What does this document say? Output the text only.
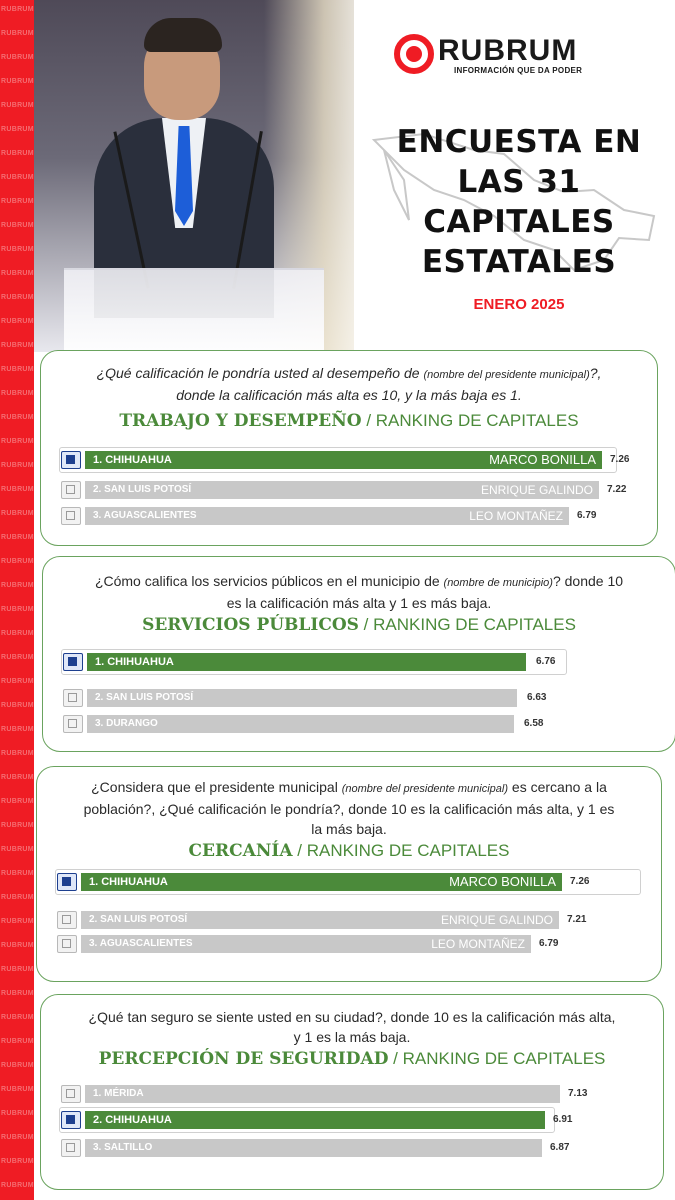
RUBRUM
RUBRUM
RUBRUM
RUBRUM
RUBRUM
RUBRUM
RUBRUM
RUBRUM
RUBRUM
RUBRUM
RUBRUM
RUBRUM
RUBRUM
RUBRUM
RUBRUM
RUBRUM
RUBRUM
RUBRUM
RUBRUM
RUBRUM
RUBRUM
RUBRUM
RUBRUM
RUBRUM
RUBRUM
RUBRUM
RUBRUM
RUBRUM
RUBRUM
RUBRUM
RUBRUM
RUBRUM
RUBRUM
RUBRUM
RUBRUM
RUBRUM
RUBRUM
RUBRUM
RUBRUM
RUBRUM
RUBRUM
RUBRUM
RUBRUM
RUBRUM
RUBRUM
RUBRUM
RUBRUM
RUBRUM
RUBRUM
RUBRUM
RUBRUM
INFORMACIÓN QUE DA PODER
ENCUESTA EN
LAS 31
CAPITALES
ESTATALES
ENERO 2025
¿Qué calificación le pondría usted al desempeño de (nombre del presidente municipal)?, donde la calificación más alta es 10, y la más baja es 1.
TRABAJO Y DESEMPEÑO / RANKING DE CAPITALES
1. CHIHUAHUA	MARCO BONILLA 7.26
2. SAN LUIS POTOSÍ	ENRIQUE GALINDO 7.22
3. AGUASCALIENTES	LEO MONTAÑEZ 6.79
¿Cómo califica los servicios públicos en el municipio de (nombre de municipio)? donde 10 es la calificación más alta y 1 es más baja.
SERVICIOS PÚBLICOS / RANKING DE CAPITALES
1. CHIHUAHUA	6.76
2. SAN LUIS POTOSÍ	6.63
3. DURANGO	6.58
¿Considera que el presidente municipal (nombre del presidente municipal) es cercano a la población?, ¿Qué calificación le pondría?, donde 10 es la calificación más alta, y 1 es la más baja.
CERCANÍA / RANKING DE CAPITALES
1. CHIHUAHUA	MARCO BONILLA 7.26
2. SAN LUIS POTOSÍ	ENRIQUE GALINDO 7.21
3. AGUASCALIENTES	LEO MONTAÑEZ 6.79
¿Qué tan seguro se siente usted en su ciudad?, donde 10 es la calificación más alta, y 1 es la más baja.
PERCEPCIÓN DE SEGURIDAD / RANKING DE CAPITALES
1. MÉRIDA	7.13
2. CHIHUAHUA	6.91
3. SALTILLO	6.87
